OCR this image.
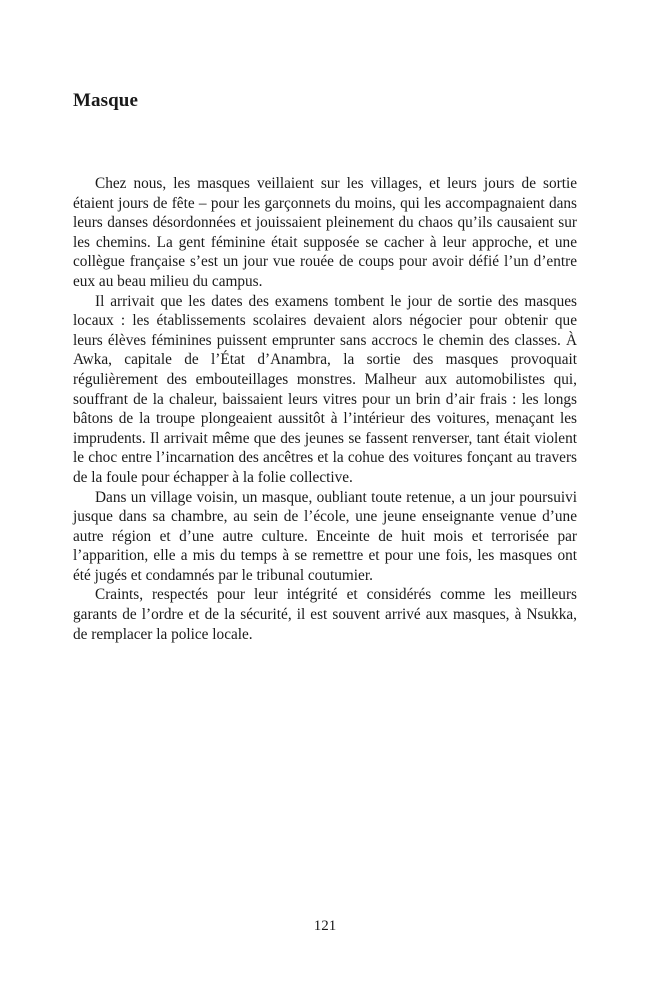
Masque

Chez nous, les masques veillaient sur les villages, et leurs jours de sortie étaient jours de fête – pour les garçonnets du moins, qui les accompagnaient dans leurs danses désordonnées et jouissaient pleinement du chaos qu’ils causaient sur les chemins. La gent féminine était supposée se cacher à leur approche, et une collègue française s’est un jour vue rouée de coups pour avoir défié l’un d’entre eux au beau milieu du campus.

Il arrivait que les dates des examens tombent le jour de sortie des masques locaux : les établissements scolaires devaient alors négocier pour obtenir que leurs élèves féminines puissent emprunter sans accrocs le chemin des classes. À Awka, capitale de l’État d’Anambra, la sortie des masques provoquait régulièrement des embouteillages monstres. Malheur aux automobilistes qui, souffrant de la chaleur, baissaient leurs vitres pour un brin d’air frais : les longs bâtons de la troupe plongeaient aussitôt à l’intérieur des voitures, menaçant les imprudents. Il arrivait même que des jeunes se fassent renverser, tant était violent le choc entre l’incarnation des ancêtres et la cohue des voitures fonçant au travers de la foule pour échapper à la folie collective.

Dans un village voisin, un masque, oubliant toute retenue, a un jour poursuivi jusque dans sa chambre, au sein de l’école, une jeune enseignante venue d’une autre région et d’une autre culture. Enceinte de huit mois et terrorisée par l’apparition, elle a mis du temps à se remettre et pour une fois, les masques ont été jugés et condamnés par le tribunal coutumier.

Craints, respectés pour leur intégrité et considérés comme les meilleurs garants de l’ordre et de la sécurité, il est souvent arrivé aux masques, à Nsukka, de remplacer la police locale.

121
